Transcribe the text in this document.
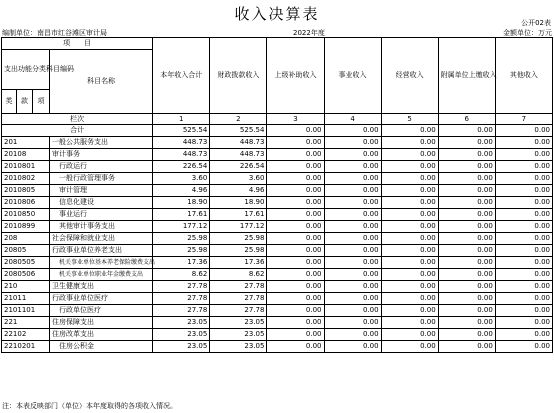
收入决算表	公开02表
编制单位：南昌市红谷滩区审计局	2022年度	金额单位：万元
项　　目				本年收入合计	财政拨款收入	上级补助收入	事业收入	经营收入	附属单位上缴收入	其他收入
支出功能分类科目编码			科目名称							
类	款	项								
栏次				1	2	3	4	5	6	7
合计				525.54	525.54	0.00	0.00	0.00	0.00	0.00
201			一般公共服务支出	448.73	448.73	0.00	0.00	0.00	0.00	0.00
20108			审计事务	448.73	448.73	0.00	0.00	0.00	0.00	0.00
2010801			行政运行	226.54	226.54	0.00	0.00	0.00	0.00	0.00
2010802			一般行政管理事务	3.60	3.60	0.00	0.00	0.00	0.00	0.00
2010805			审计管理	4.96	4.96	0.00	0.00	0.00	0.00	0.00
2010806			信息化建设	18.90	18.90	0.00	0.00	0.00	0.00	0.00
2010850			事业运行	17.61	17.61	0.00	0.00	0.00	0.00	0.00
2010899			其他审计事务支出	177.12	177.12	0.00	0.00	0.00	0.00	0.00
208			社会保障和就业支出	25.98	25.98	0.00	0.00	0.00	0.00	0.00
20805			行政事业单位养老支出	25.98	25.98	0.00	0.00	0.00	0.00	0.00
2080505			机关事业单位基本养老保险缴费支出	17.36	17.36	0.00	0.00	0.00	0.00	0.00
2080506			机关事业单位职业年金缴费支出	8.62	8.62	0.00	0.00	0.00	0.00	0.00
210			卫生健康支出	27.78	27.78	0.00	0.00	0.00	0.00	0.00
21011			行政事业单位医疗	27.78	27.78	0.00	0.00	0.00	0.00	0.00
2101101			行政单位医疗	27.78	27.78	0.00	0.00	0.00	0.00	0.00
221			住房保障支出	23.05	23.05	0.00	0.00	0.00	0.00	0.00
22102			住房改革支出	23.05	23.05	0.00	0.00	0.00	0.00	0.00
2210201			住房公积金	23.05	23.05	0.00	0.00	0.00	0.00	0.00
注：本表反映部门（单位）本年度取得的各项收入情况。
